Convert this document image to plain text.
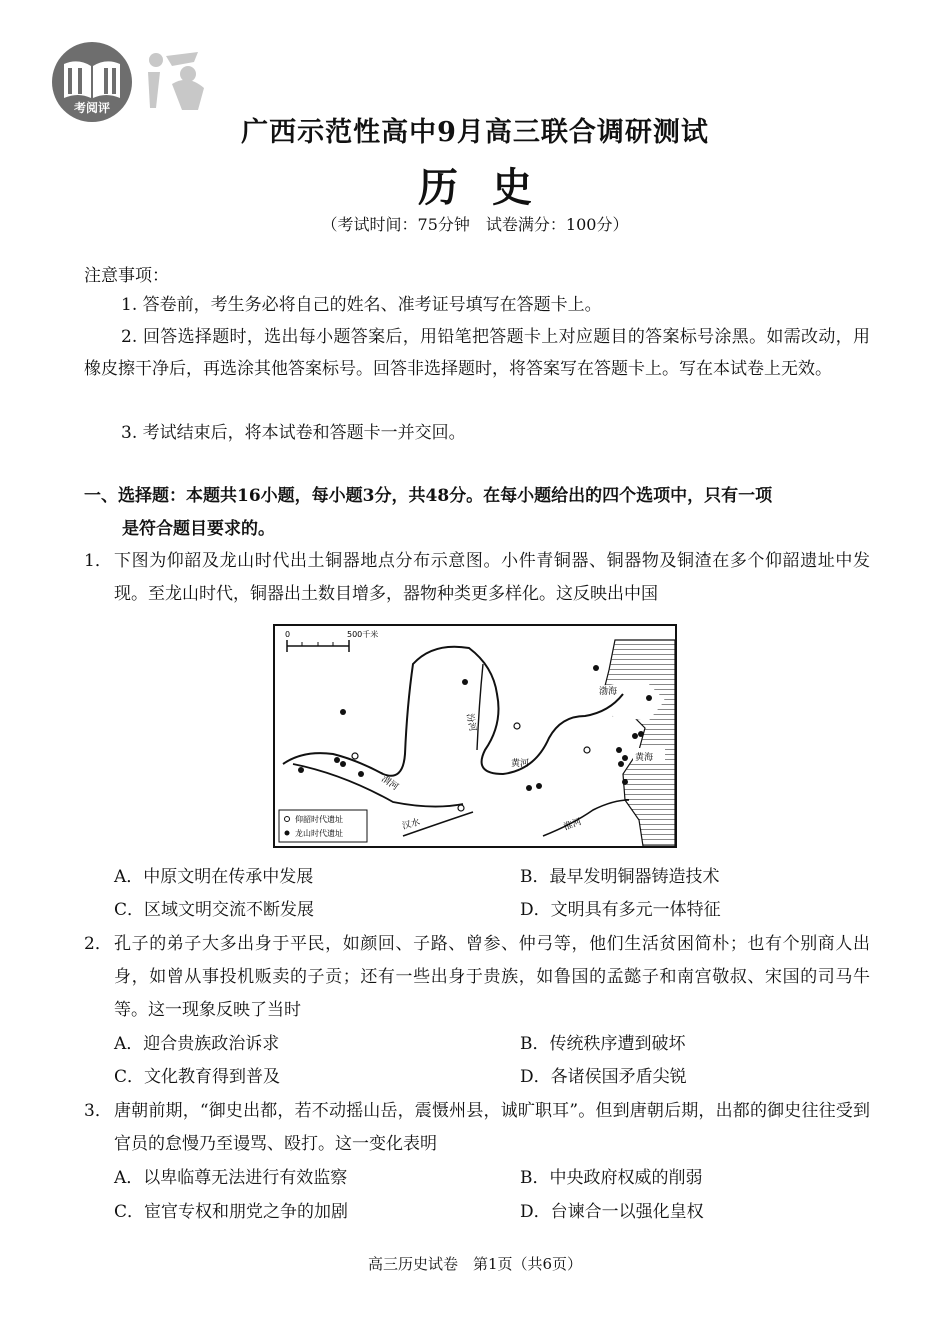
考阅评
广西示范性高中9月高三联合调研测试
历史
（考试时间：75分钟　试卷满分：100分）
注意事项：
1. 答卷前，考生务必将自己的姓名、准考证号填写在答题卡上。
2. 回答选择题时，选出每小题答案后，用铅笔把答题卡上对应题目的答案标号涂黑。如需改动，用橡皮擦干净后，再选涂其他答案标号。回答非选择题时，将答案写在答题卡上。写在本试卷上无效。
3. 考试结束后，将本试卷和答题卡一并交回。
一、选择题：本题共16小题，每小题3分，共48分。在每小题给出的四个选项中，只有一项
是符合题目要求的。
1． 下图为仰韶及龙山时代出土铜器地点分布示意图。小件青铜器、铜器物及铜渣在多个仰韶遗址中发现。至龙山时代，铜器出土数目增多，器物种类更多样化。这反映出中国
0	500千米
渤海
黄海
渭河
黄河
汉水	淮河
汾河
仰韶时代遗址
龙山时代遗址
A．中原文明在传承中发展	B．最早发明铜器铸造技术
C．区域文明交流不断发展	D．文明具有多元一体特征
2． 孔子的弟子大多出身于平民，如颜回、子路、曾参、仲弓等，他们生活贫困简朴；也有个别商人出身，如曾从事投机贩卖的子贡；还有一些出身于贵族，如鲁国的孟懿子和南宫敬叔、宋国的司马牛等。这一现象反映了当时
A．迎合贵族政治诉求	B．传统秩序遭到破坏
C．文化教育得到普及	D．各诸侯国矛盾尖锐
3． 唐朝前期，“御史出都，若不动摇山岳，震慑州县，诚旷职耳”。但到唐朝后期，出都的御史往往受到官员的怠慢乃至谩骂、殴打。这一变化表明
A．以卑临尊无法进行有效监察	B．中央政府权威的削弱
C．宦官专权和朋党之争的加剧	D．台谏合一以强化皇权
高三历史试卷　第1页（共6页）
